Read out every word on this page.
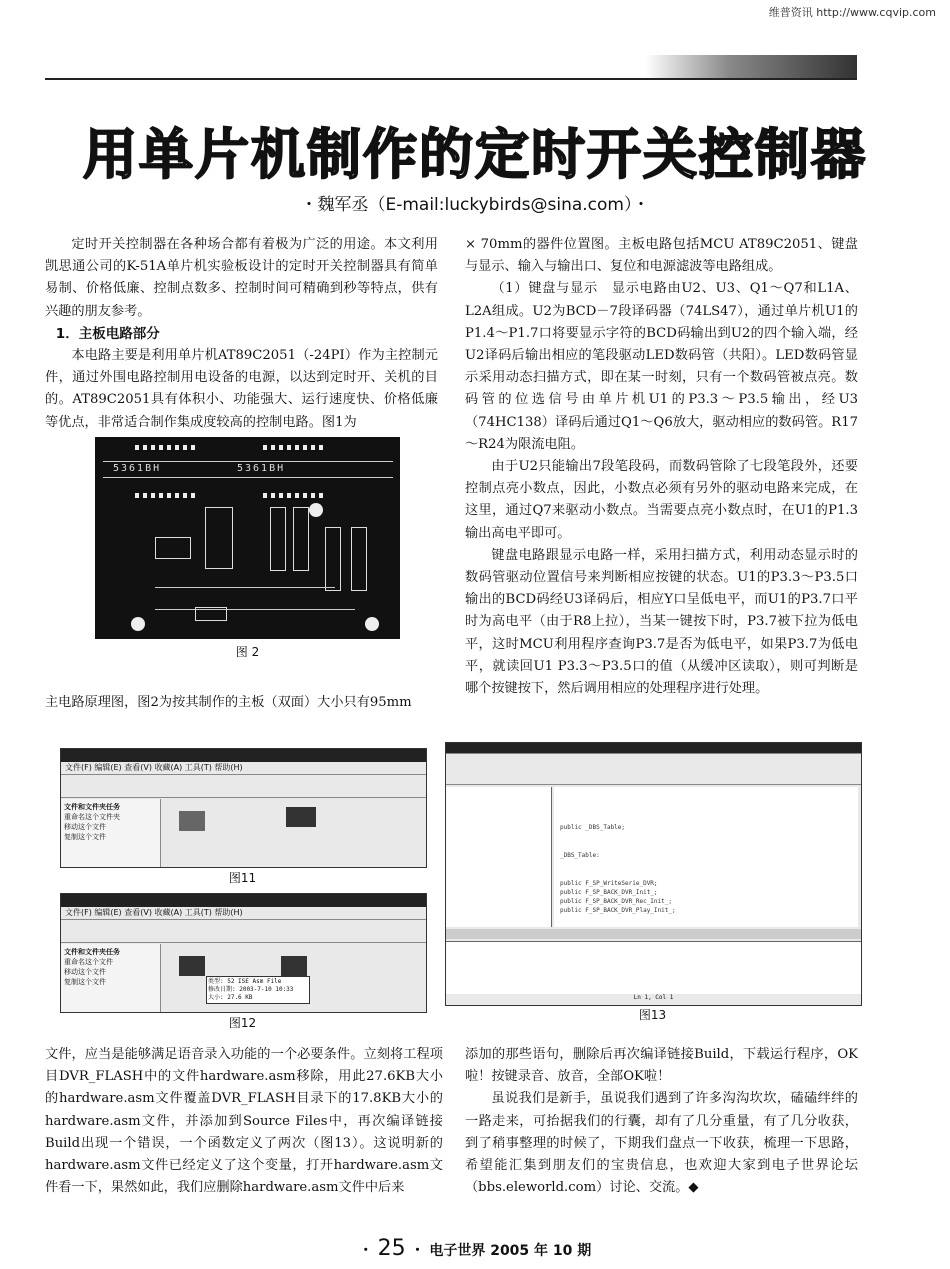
维普资讯 http://www.cqvip.com
用单片机制作的定时开关控制器
・魏军丞（E-mail:luckybirds@sina.com）・

定时开关控制器在各种场合都有着极为广泛的用途。本文利用凯思通公司的K-51A单片机实验板设计的定时开关控制器具有简单易制、价格低廉、控制点数多、控制时间可精确到秒等特点，供有兴趣的朋友参考。

1．主板电路部分

本电路主要是利用单片机AT89C2051（-24PI）作为主控制元件，通过外围电路控制用电设备的电源，以达到定时开、关机的目的。AT89C2051具有体积小、功能强大、运行速度快、价格低廉等优点，非常适合制作集成度较高的控制电路。图1为

5361BH	5361BH
图 2
主电路原理图，图2为按其制作的主板（双面）大小只有95mm

× 70mm的器件位置图。主板电路包括MCU AT89C2051、键盘与显示、输入与输出口、复位和电源滤波等电路组成。

（1）键盘与显示　显示电路由U2、U3、Q1～Q7和L1A、L2A组成。U2为BCD－7段译码器（74LS47），通过单片机U1的P1.4～P1.7口将要显示字符的BCD码输出到U2的四个输入端，经U2译码后输出相应的笔段驱动LED数码管（共阳）。LED数码管显示采用动态扫描方式，即在某一时刻，只有一个数码管被点亮。数码管的位选信号由单片机U1的P3.3～P3.5输出，经U3（74HC138）译码后通过Q1～Q6放大，驱动相应的数码管。R17～R24为限流电阻。

由于U2只能输出7段笔段码，而数码管除了七段笔段外，还要控制点亮小数点，因此，小数点必须有另外的驱动电路来完成，在这里，通过Q7来驱动小数点。当需要点亮小数点时，在U1的P1.3输出高电平即可。

键盘电路跟显示电路一样，采用扫描方式，利用动态显示时的数码管驱动位置信号来判断相应按键的状态。U1的P3.3～P3.5口输出的BCD码经U3译码后，相应Y口呈低电平，而U1的P3.7口平时为高电平（由于R8上拉），当某一键按下时，P3.7被下拉为低电平，这时MCU利用程序查询P3.7是否为低电平，如果P3.7为低电平，就读回U1 P3.3～P3.5口的值（从缓冲区读取），则可判断是哪个按键按下，然后调用相应的处理程序进行处理。

文件(F) 编辑(E) 查看(V) 收藏(A) 工具(T) 帮助(H)
文件和文件夹任务
重命名这个文件夹
移动这个文件
复制这个文件
图11
文件(F) 编辑(E) 查看(V) 收藏(A) 工具(T) 帮助(H)
文件和文件夹任务
重命名这个文件
移动这个文件
复制这个文件	类型: 52 ISE Asm File
修改日期: 2003-7-10 10:33
大小: 27.6 KB
图12
public _DBS_Table;
_DBS_Table:
public F_SP_WriteSerie_DVR;
public F_SP_BACK_DVR_Init_;
public F_SP_BACK_DVR_Rec_Init_;
public F_SP_BACK_DVR_Play_Init_;
Ln 1, Col 1
图13

文件，应当是能够满足语音录入功能的一个必要条件。立刻将工程项目DVR_FLASH中的文件hardware.asm移除，用此27.6KB大小的hardware.asm文件覆盖DVR_FLASH目录下的17.8KB大小的hardware.asm文件，并添加到Source Files中，再次编译链接Build出现一个错误，一个函数定义了两次（图13）。这说明新的hardware.asm文件已经定义了这个变量，打开hardware.asm文件看一下，果然如此，我们应删除hardware.asm文件中后来

添加的那些语句，删除后再次编译链接Build，下载运行程序，OK啦！按键录音、放音，全部OK啦！

虽说我们是新手，虽说我们遇到了许多沟沟坎坎，磕磕绊绊的一路走来，可抬据我们的行囊，却有了几分重量，有了几分收获，到了稍事整理的时候了，下期我们盘点一下收获，梳理一下思路，希望能汇集到朋友们的宝贵信息，也欢迎大家到电子世界论坛（bbs.eleworld.com）讨论、交流。◆

・ 25 ・ 电子世界 2005 年 10 期
